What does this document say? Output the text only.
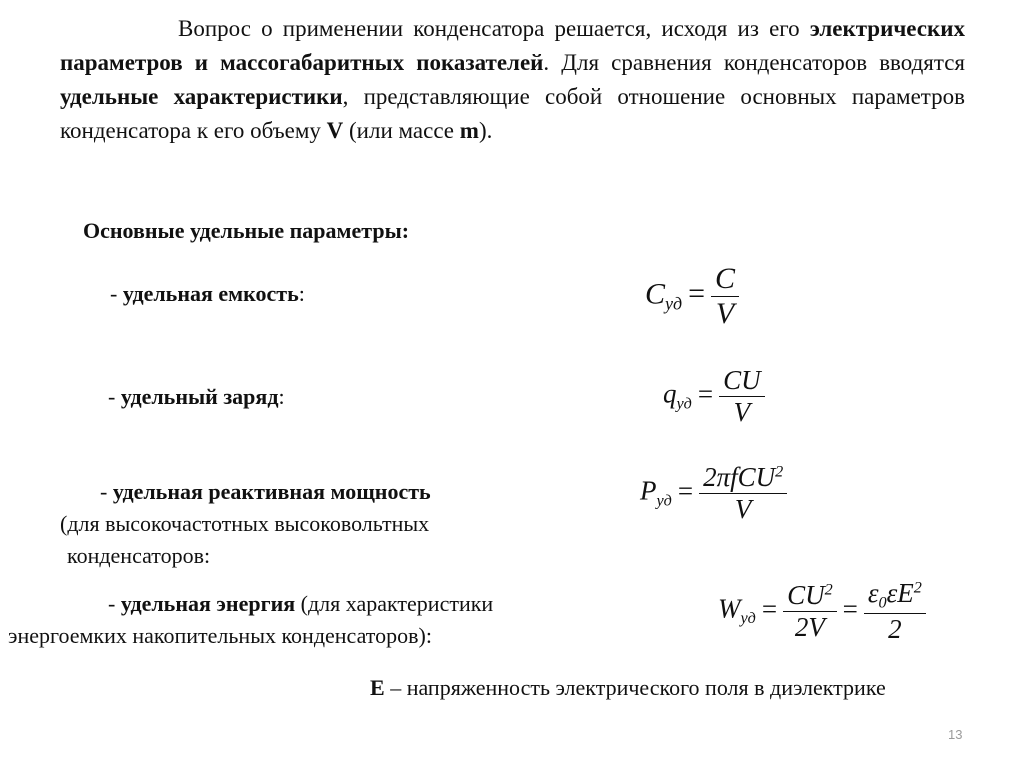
Вопрос о применении конденсатора решается, исходя из его электрических параметров и массогабаритных показателей. Для сравнения конденсаторов вводятся удельные характеристики, представляющие собой отношение основных параметров конденсатора к его объему V (или массе m).
Основные удельные параметры:
- удельная емкость:	$C_{уд} = \frac{C}{V}$
- удельный заряд:	$q_{уд} = \frac{CU}{V}$
- удельная реактивная мощность
(для высокочастотных высоковольтных
конденсаторов:
$P_{уд} = \frac{2\pi fCU^2}{V}$
- удельная энергия (для характеристики
энергоемких накопительных конденсаторов):
$W_{уд} = \frac{CU^2}{2V} = \frac{\varepsilon_0\varepsilon E^2}{2}$
E – напряженность электрического поля в диэлектрике
13
